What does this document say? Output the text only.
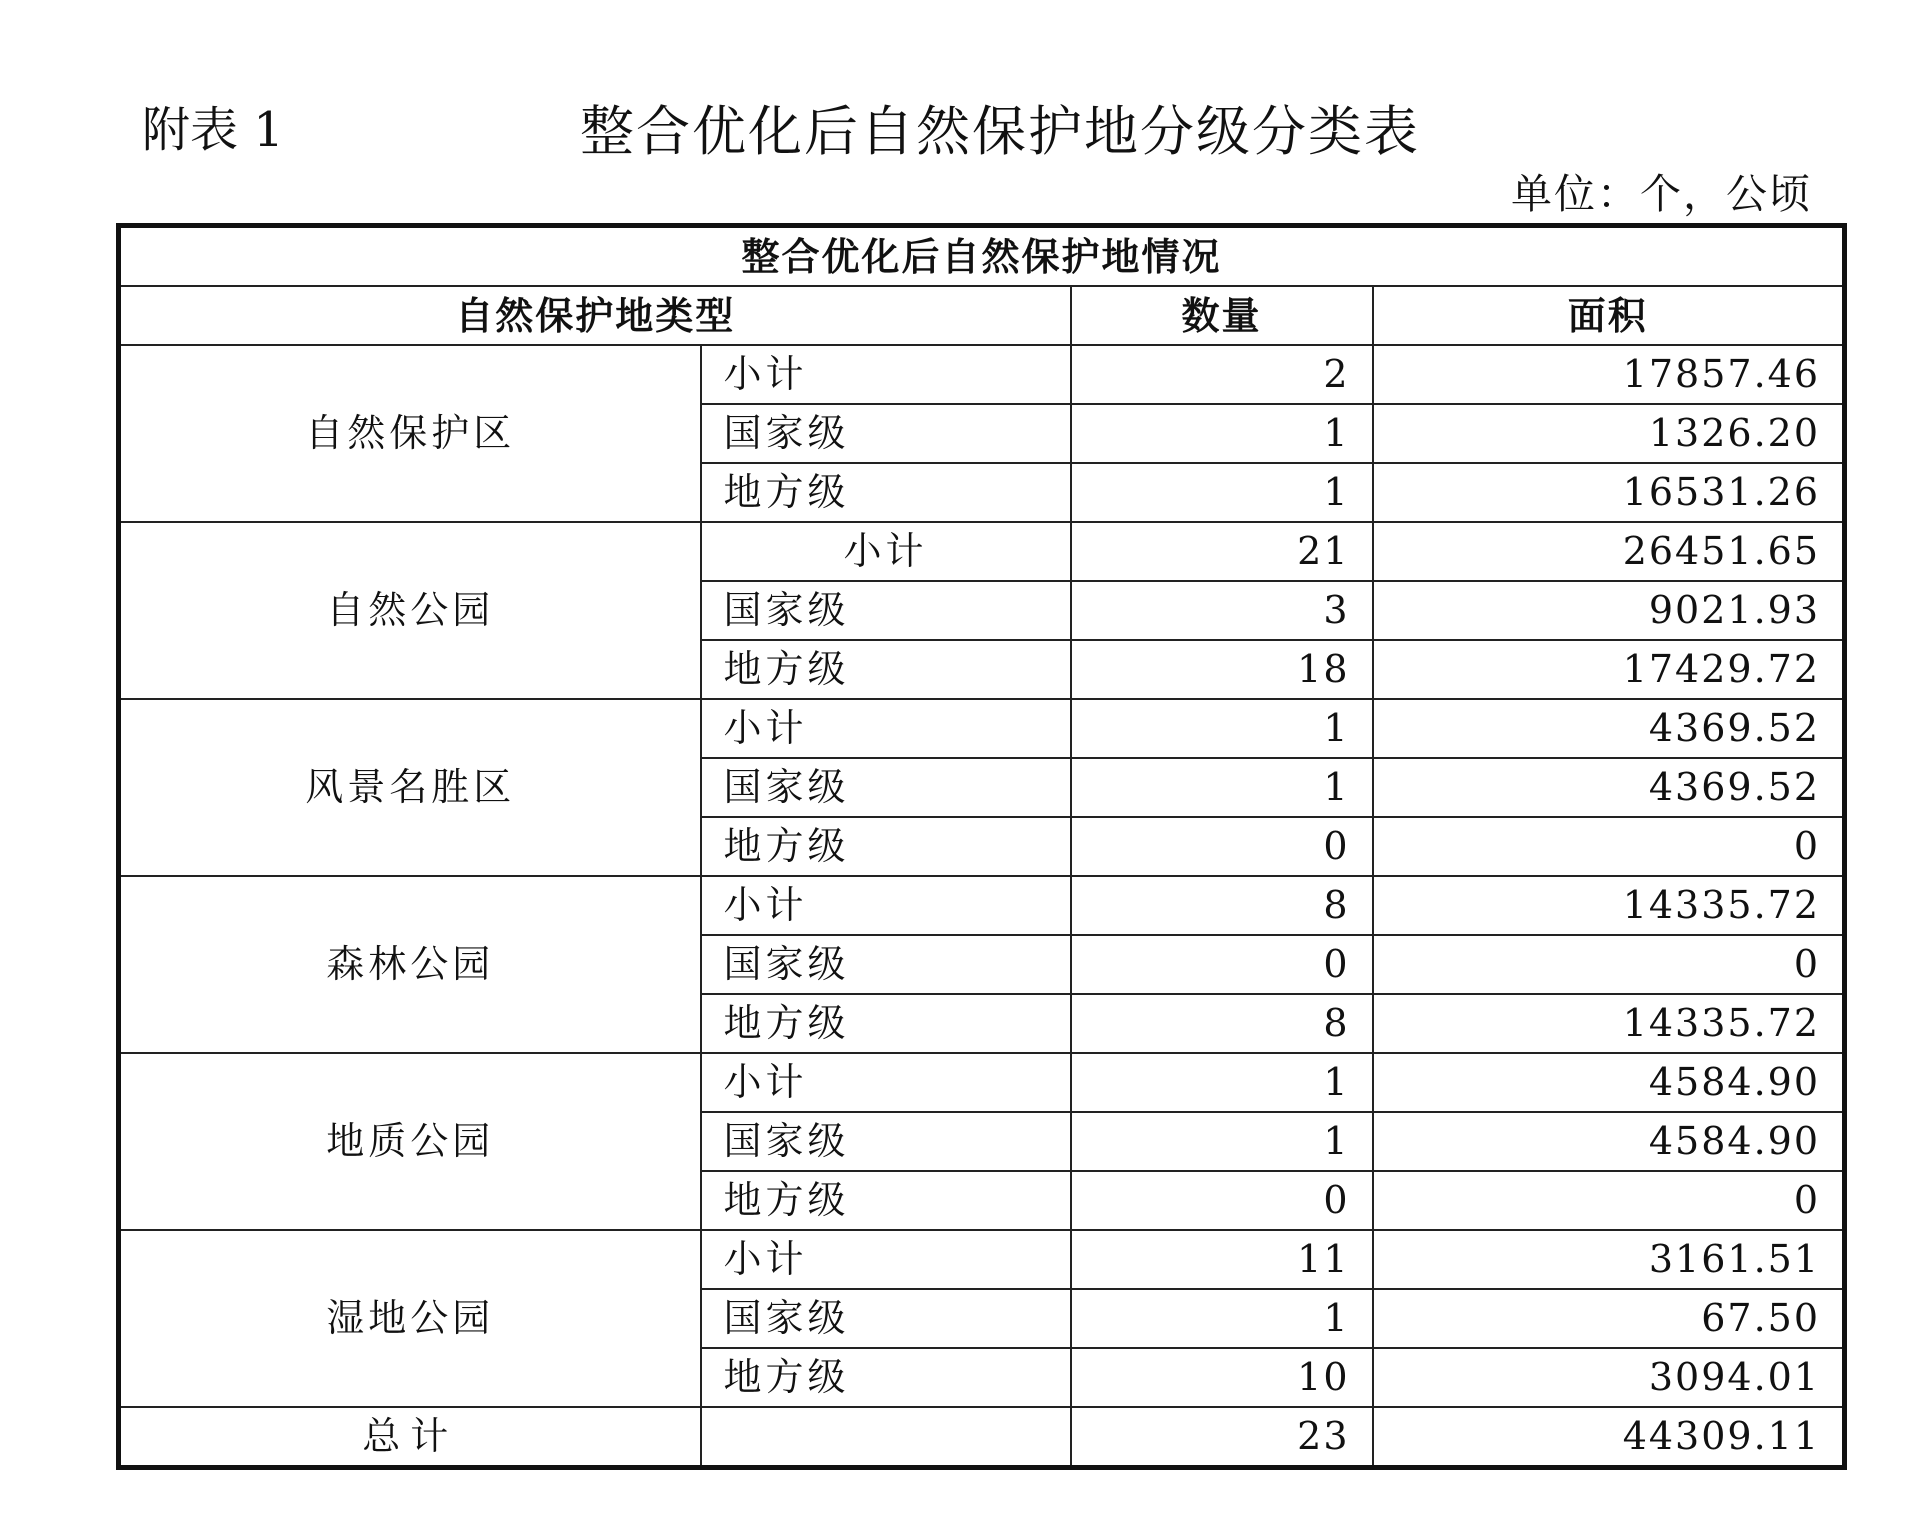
附表 1	整合优化后自然保护地分级分类表
单位：个，公顷
整合优化后自然保护地情况			
自然保护地类型		数量	面积
自然保护区	小计	2	17857.46
	国家级	1	1326.20
	地方级	1	16531.26
自然公园	小计	21	26451.65
	国家级	3	9021.93
	地方级	18	17429.72
风景名胜区	小计	1	4369.52
	国家级	1	4369.52
	地方级	0	0
森林公园	小计	8	14335.72
	国家级	0	0
	地方级	8	14335.72
地质公园	小计	1	4584.90
	国家级	1	4584.90
	地方级	0	0
湿地公园	小计	11	3161.51
	国家级	1	67.50
	地方级	10	3094.01
总计		23	44309.11
